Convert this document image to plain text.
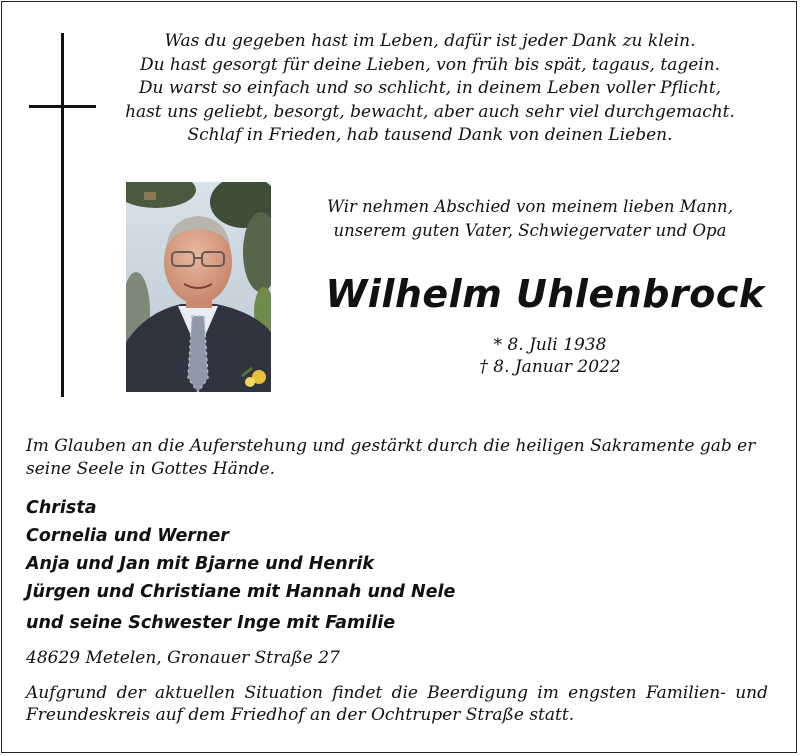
Was du gegeben hast im Leben, dafür ist jeder Dank zu klein.
Du hast gesorgt für deine Lieben, von früh bis spät, tagaus, tagein.
Du warst so einfach und so schlicht, in deinem Leben voller Pflicht,
hast uns geliebt, besorgt, bewacht, aber auch sehr viel durchgemacht.
Schlaf in Frieden, hab tausend Dank von deinen Lieben.
Wir nehmen Abschied von meinem lieben Mann,
unserem guten Vater, Schwiegervater und Opa
Wilhelm Uhlenbrock
* 8. Juli 1938
† 8. Januar 2022
Im Glauben an die Auferstehung und gestärkt durch die heiligen Sakramente gab er seine Seele in Gottes Hände.
Christa
Cornelia und Werner
Anja und Jan mit Bjarne und Henrik
Jürgen und Christiane mit Hannah und Nele
und seine Schwester Inge mit Familie
48629 Metelen, Gronauer Straße 27
Aufgrund der aktuellen Situation findet die Beerdigung im engsten Familien- und Freundeskreis auf dem Friedhof an der Ochtruper Straße statt.
